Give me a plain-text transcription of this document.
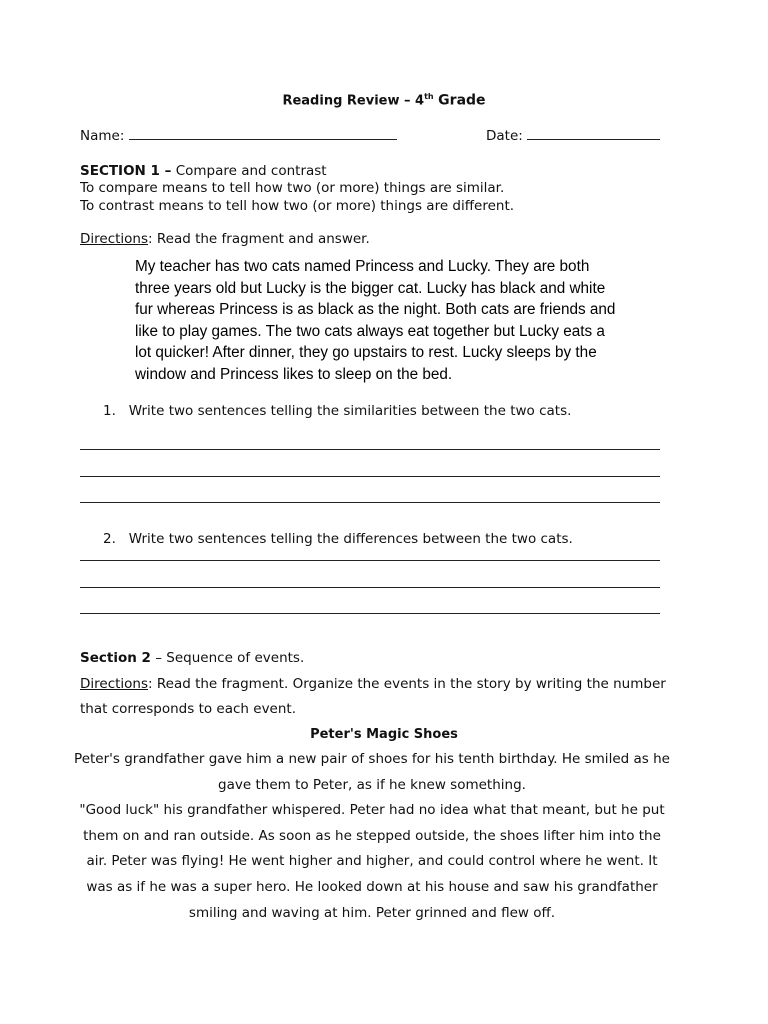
Reading Review – 4th Grade
Name:	Date:
SECTION 1 – Compare and contrast
To compare means to tell how two (or more) things are similar.
To contrast means to tell how two (or more) things are different.
Directions: Read the fragment and answer.
My teacher has two cats named Princess and Lucky. They are both
three years old but Lucky is the bigger cat. Lucky has black and white
fur whereas Princess is as black as the night. Both cats are friends and
like to play games. The two cats always eat together but Lucky eats a
lot quicker! After dinner, they go upstairs to rest. Lucky sleeps by the
window and Princess likes to sleep on the bed.
1. Write two sentences telling the similarities between the two cats.
2. Write two sentences telling the differences between the two cats.
Section 2 – Sequence of events.
Directions: Read the fragment. Organize the events in the story by writing the number
that corresponds to each event.
Peter's Magic Shoes
Peter's grandfather gave him a new pair of shoes for his tenth birthday. He smiled as he
gave them to Peter, as if he knew something.
"Good luck" his grandfather whispered. Peter had no idea what that meant, but he put
them on and ran outside. As soon as he stepped outside, the shoes lifter him into the
air. Peter was flying! He went higher and higher, and could control where he went. It
was as if he was a super hero. He looked down at his house and saw his grandfather
smiling and waving at him. Peter grinned and flew off.
